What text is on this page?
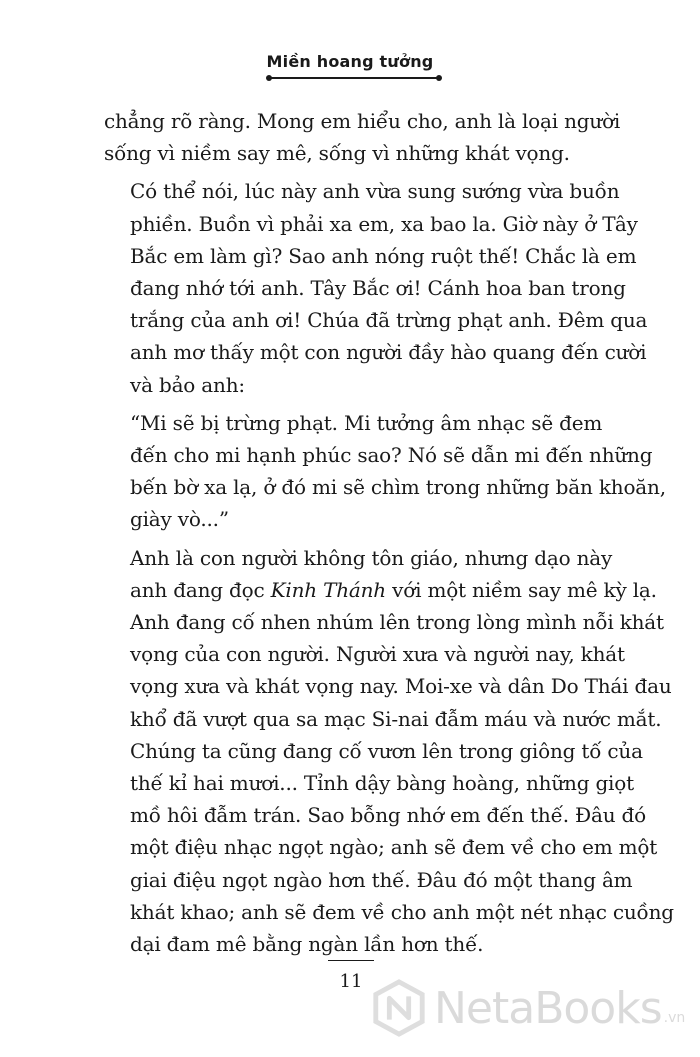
Miền hoang tưởng

chẳng rõ ràng. Mong em hiểu cho, anh là loại người
sống vì niềm say mê, sống vì những khát vọng.

Có thể nói, lúc này anh vừa sung sướng vừa buồn
phiền. Buồn vì phải xa em, xa bao la. Giờ này ở Tây
Bắc em làm gì? Sao anh nóng ruột thế! Chắc là em
đang nhớ tới anh. Tây Bắc ơi! Cánh hoa ban trong
trắng của anh ơi! Chúa đã trừng phạt anh. Đêm qua
anh mơ thấy một con người đầy hào quang đến cười
và bảo anh:

“Mi sẽ bị trừng phạt. Mi tưởng âm nhạc sẽ đem
đến cho mi hạnh phúc sao? Nó sẽ dẫn mi đến những
bến bờ xa lạ, ở đó mi sẽ chìm trong những băn khoăn,
giày vò...”

Anh là con người không tôn giáo, nhưng dạo này
anh đang đọc Kinh Thánh với một niềm say mê kỳ lạ.
Anh đang cố nhen nhúm lên trong lòng mình nỗi khát
vọng của con người. Người xưa và người nay, khát
vọng xưa và khát vọng nay. Moi-xe và dân Do Thái đau
khổ đã vượt qua sa mạc Si-nai đẫm máu và nước mắt.
Chúng ta cũng đang cố vươn lên trong giông tố của
thế kỉ hai mươi... Tỉnh dậy bàng hoàng, những giọt
mồ hôi đẫm trán. Sao bỗng nhớ em đến thế. Đâu đó
một điệu nhạc ngọt ngào; anh sẽ đem về cho em một
giai điệu ngọt ngào hơn thế. Đâu đó một thang âm
khát khao; anh sẽ đem về cho anh một nét nhạc cuồng
dại đam mê bằng ngàn lần hơn thế.

11
NetaBooks .vn
